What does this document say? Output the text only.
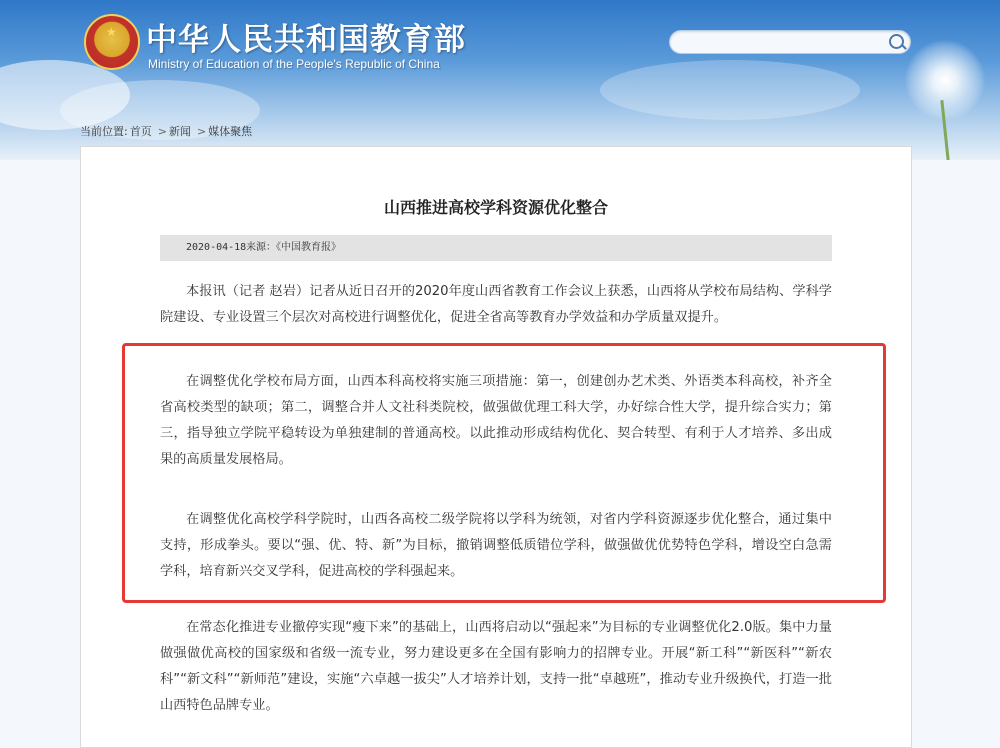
★ 中华人民共和国教育部
Ministry of Education of the People's Republic of China
当前位置: 首页 > 新闻 > 媒体聚焦
山西推进高校学科资源优化整合
2020-04-18 来源：《中国教育报》

本报讯（记者 赵岩）记者从近日召开的2020年度山西省教育工作会议上获悉，山西将从学校布局结构、学科学院建设、专业设置三个层次对高校进行调整优化，促进全省高等教育办学效益和办学质量双提升。

在调整优化学校布局方面，山西本科高校将实施三项措施：第一，创建创办艺术类、外语类本科高校，补齐全省高校类型的缺项；第二，调整合并人文社科类院校，做强做优理工科大学，办好综合性大学，提升综合实力；第三，指导独立学院平稳转设为单独建制的普通高校。以此推动形成结构优化、契合转型、有利于人才培养、多出成果的高质量发展格局。

在调整优化高校学科学院时，山西各高校二级学院将以学科为统领，对省内学科资源逐步优化整合，通过集中支持，形成拳头。要以“强、优、特、新”为目标，撤销调整低质错位学科，做强做优优势特色学科，增设空白急需学科，培育新兴交叉学科，促进高校的学科强起来。

在常态化推进专业撤停实现“瘦下来”的基础上，山西将启动以“强起来”为目标的专业调整优化2.0版。集中力量做强做优高校的国家级和省级一流专业，努力建设更多在全国有影响力的招牌专业。开展“新工科”“新医科”“新农科”“新文科”“新师范”建设，实施“六卓越一拔尖”人才培养计划，支持一批“卓越班”，推动专业升级换代，打造一批山西特色品牌专业。
